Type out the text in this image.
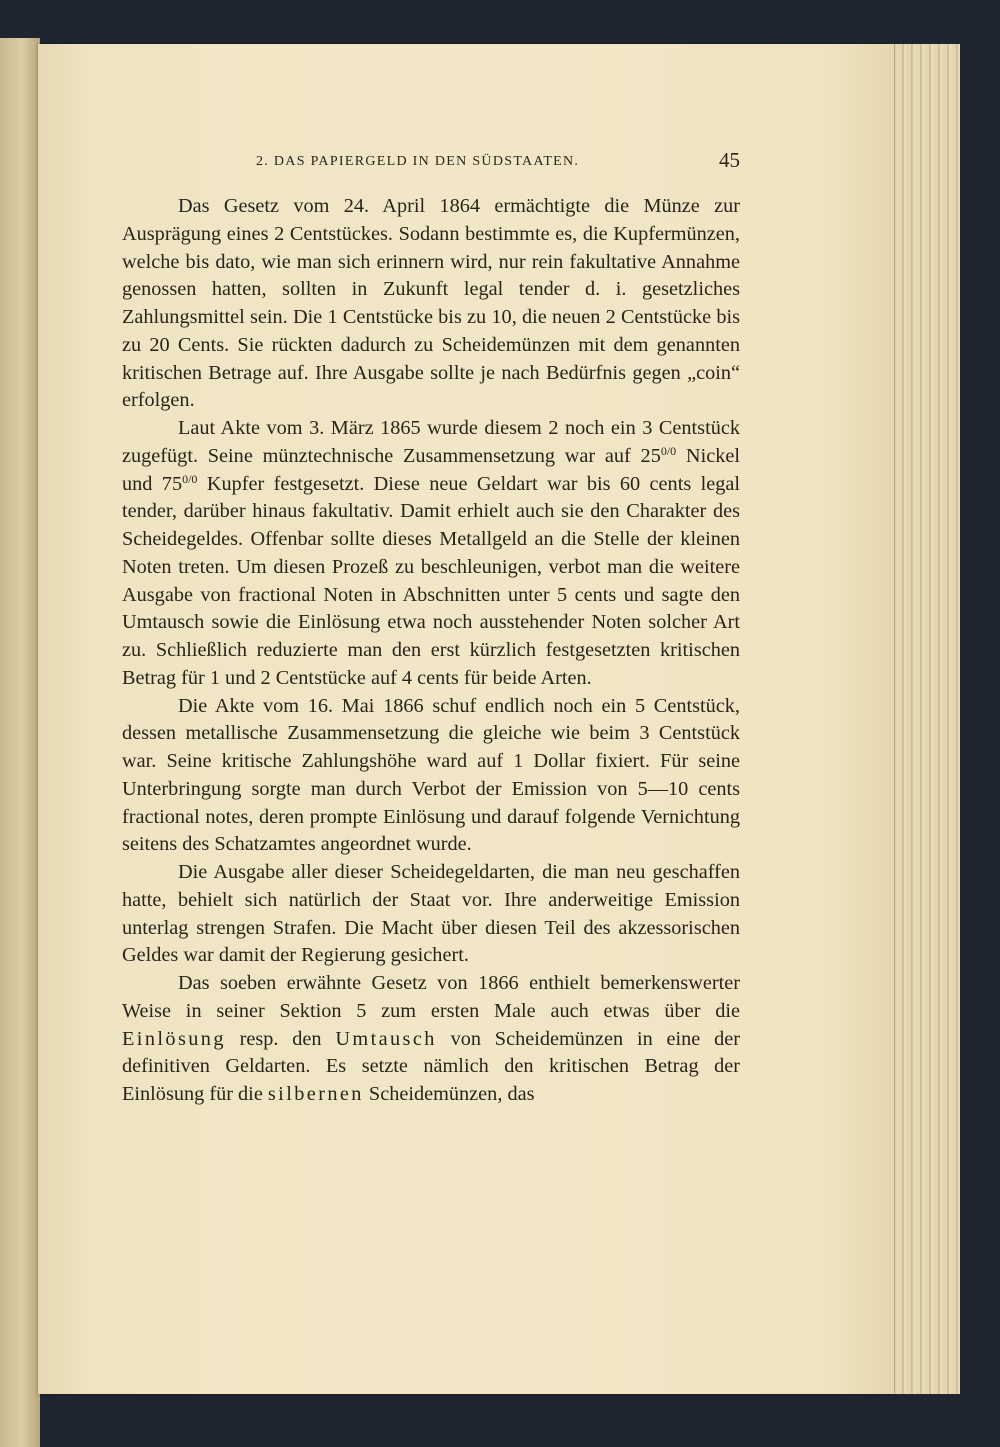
2. DAS PAPIERGELD IN DEN SÜDSTAATEN.	45

Das Gesetz vom 24. April 1864 ermächtigte die Münze zur Ausprägung eines 2 Centstückes. Sodann bestimmte es, die Kupfermünzen, welche bis dato, wie man sich erinnern wird, nur rein fakultative Annahme genossen hatten, sollten in Zukunft legal tender d. i. gesetzliches Zahlungsmittel sein. Die 1 Centstücke bis zu 10, die neuen 2 Centstücke bis zu 20 Cents. Sie rückten dadurch zu Scheidemünzen mit dem genannten kritischen Betrage auf. Ihre Ausgabe sollte je nach Bedürfnis gegen „coin“ erfolgen.

Laut Akte vom 3. März 1865 wurde diesem 2 noch ein 3 Centstück zugefügt. Seine münztechnische Zusammensetzung war auf $25^{0/0}$ Nickel und $75^{0/0}$ Kupfer festgesetzt. Diese neue Geldart war bis 60 cents legal tender, darüber hinaus fakultativ. Damit erhielt auch sie den Charakter des Scheidegeldes. Offenbar sollte dieses Metallgeld an die Stelle der kleinen Noten treten. Um diesen Prozeß zu beschleunigen, verbot man die weitere Ausgabe von fractional Noten in Abschnitten unter 5 cents und sagte den Umtausch sowie die Einlösung etwa noch ausstehender Noten solcher Art zu. Schließlich reduzierte man den erst kürzlich festgesetzten kritischen Betrag für 1 und 2 Centstücke auf 4 cents für beide Arten.

Die Akte vom 16. Mai 1866 schuf endlich noch ein 5 Centstück, dessen metallische Zusammensetzung die gleiche wie beim 3 Centstück war. Seine kritische Zahlungshöhe ward auf 1 Dollar fixiert. Für seine Unterbringung sorgte man durch Verbot der Emission von 5—10 cents fractional notes, deren prompte Einlösung und darauf folgende Vernichtung seitens des Schatzamtes angeordnet wurde.

Die Ausgabe aller dieser Scheidegeldarten, die man neu geschaffen hatte, behielt sich natürlich der Staat vor. Ihre anderweitige Emission unterlag strengen Strafen. Die Macht über diesen Teil des akzessorischen Geldes war damit der Regierung gesichert.

Das soeben erwähnte Gesetz von 1866 enthielt bemerkenswerter Weise in seiner Sektion 5 zum ersten Male auch etwas über die Einlösung resp. den Umtausch von Scheidemünzen in eine der definitiven Geldarten. Es setzte nämlich den kritischen Betrag der Einlösung für die silbernen Scheidemünzen, das
